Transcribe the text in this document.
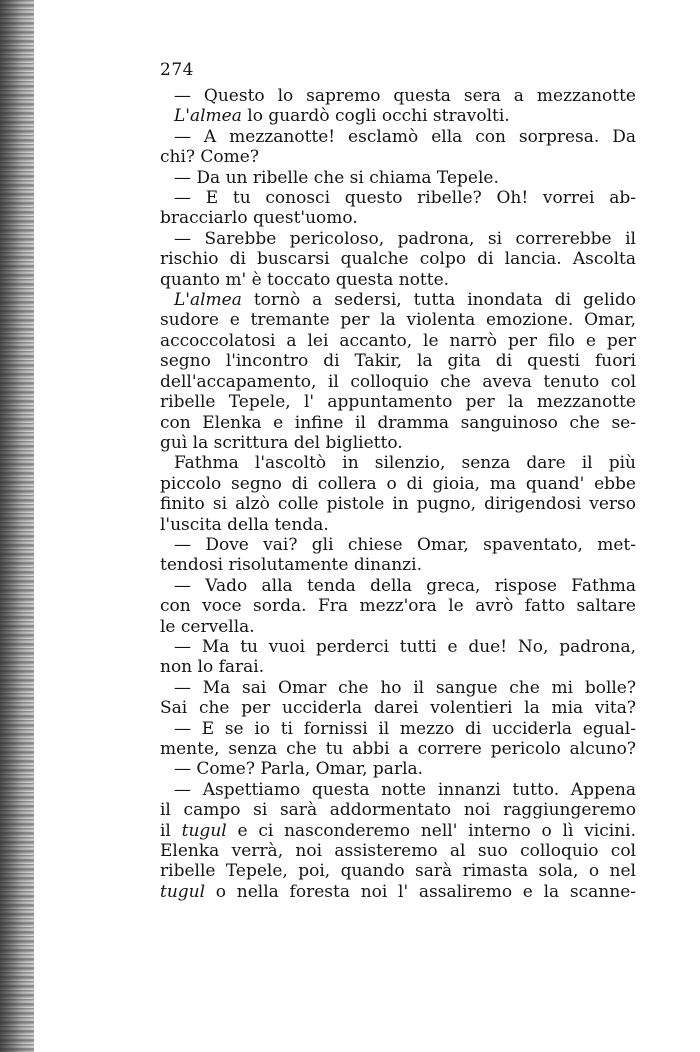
274
— Questo lo sapremo questa sera a mezzanotte
L'almea lo guardò cogli occhi stravolti.
— A mezzanotte! esclamò ella con sorpresa. Da
chi? Come?
— Da un ribelle che si chiama Tepele.
— E tu conosci questo ribelle? Oh! vorrei ab-
bracciarlo quest'uomo.
— Sarebbe pericoloso, padrona, si correrebbe il
rischio di buscarsi qualche colpo di lancia. Ascolta
quanto m' è toccato questa notte.
L'almea tornò a sedersi, tutta inondata di gelido
sudore e tremante per la violenta emozione. Omar,
accoccolatosi a lei accanto, le narrò per filo e per
segno l'incontro di Takir, la gita di questi fuori
dell'accapamento, il colloquio che aveva tenuto col
ribelle Tepele, l' appuntamento per la mezzanotte
con Elenka e infine il dramma sanguinoso che se-
guì la scrittura del biglietto.
Fathma l'ascoltò in silenzio, senza dare il più
piccolo segno di collera o di gioia, ma quand' ebbe
finito si alzò colle pistole in pugno, dirigendosi verso
l'uscita della tenda.
— Dove vai? gli chiese Omar, spaventato, met-
tendosi risolutamente dinanzi.
— Vado alla tenda della greca, rispose Fathma
con voce sorda. Fra mezz'ora le avrò fatto saltare
le cervella.
— Ma tu vuoi perderci tutti e due! No, padrona,
non lo farai.
— Ma sai Omar che ho il sangue che mi bolle?
Sai che per ucciderla darei volentieri la mia vita?
— E se io ti fornissi il mezzo di ucciderla egual-
mente, senza che tu abbi a correre pericolo alcuno?
— Come? Parla, Omar, parla.
— Aspettiamo questa notte innanzi tutto. Appena
il campo si sarà addormentato noi raggiungeremo
il tugul e ci nasconderemo nell' interno o lì vicini.
Elenka verrà, noi assisteremo al suo colloquio col
ribelle Tepele, poi, quando sarà rimasta sola, o nel
tugul o nella foresta noi l' assaliremo e la scanne-
